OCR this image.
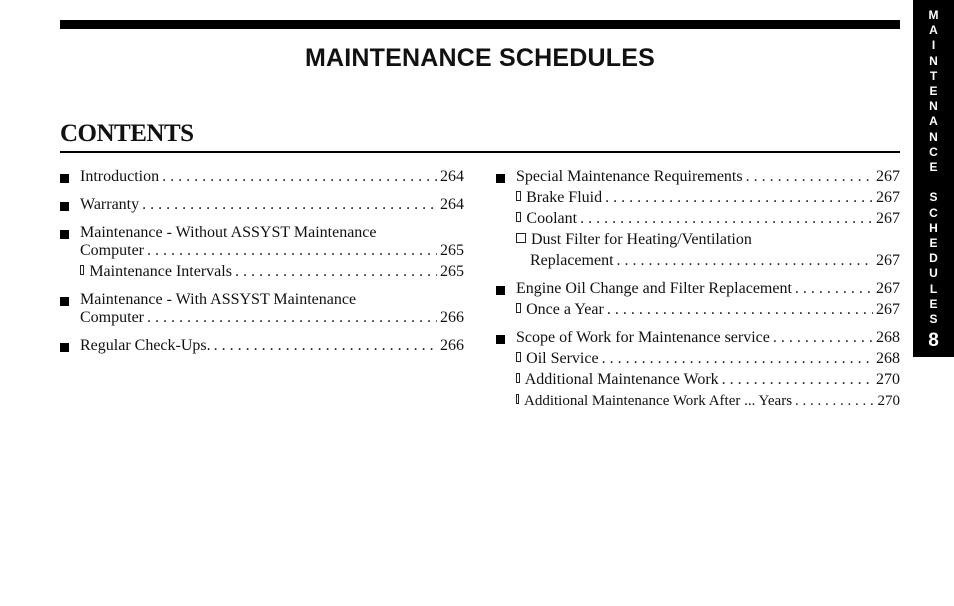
MAINTENANCE SCHEDULES
CONTENTS
Introduction . . .	264
Warranty . . .	264
Maintenance - Without ASSYST Maintenance
Computer . . .	265
Maintenance Intervals . . .	265
Maintenance - With ASSYST Maintenance
Computer . . .	266
Regular Check-Ups. . . .	266
Special Maintenance Requirements . . .	267
Brake Fluid . . .	267
Coolant . . .	267
Dust Filter for Heating/Ventilation
Replacement . . .	267
Engine Oil Change and Filter Replacement . . .	267
Once a Year . . .	267
Scope of Work for Maintenance service . . .	268
Oil Service . . .	268
Additional Maintenance Work . . .	270
Additional Maintenance Work After ... Years . . .	270
M
A
I
N
T
E
N
A
N
C
E

S
C
H
E
D
U
L
E
S
8
